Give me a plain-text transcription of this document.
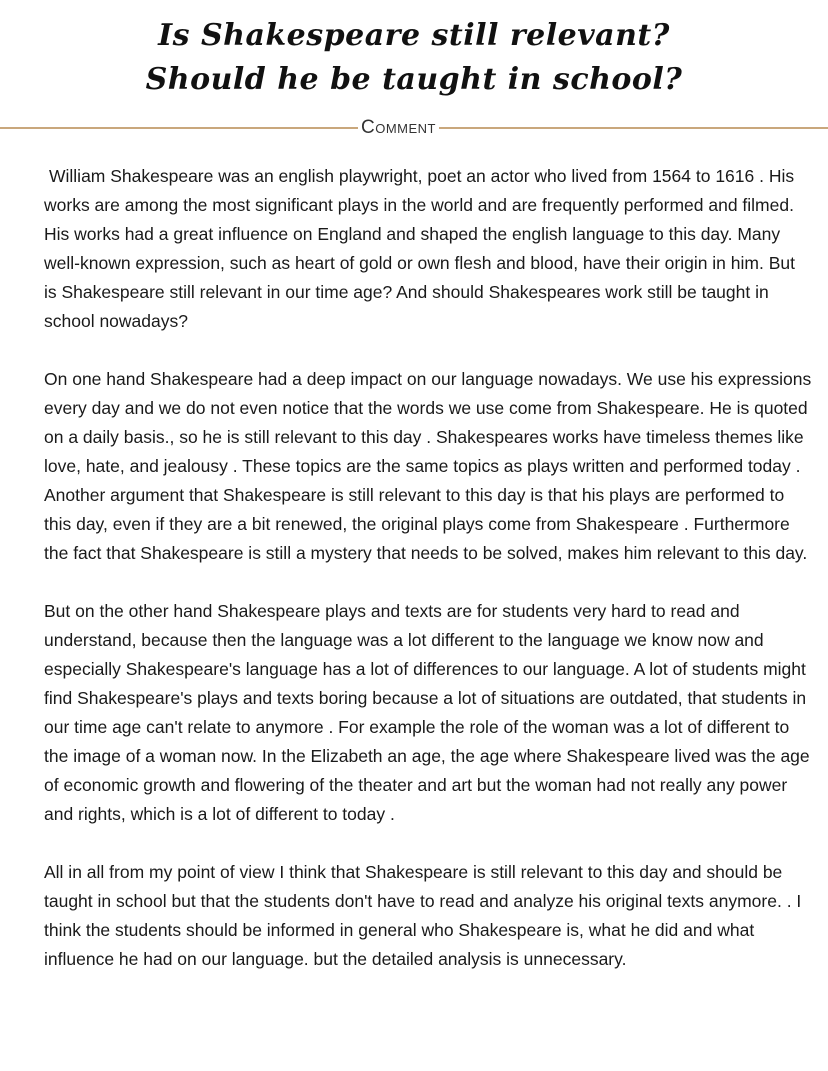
Is Shakespeare still relevant?
Should he be taught in school?
Comment

William Shakespeare was an english playwright, poet an actor who lived from 1564 to 1616 . His works are among the most significant plays in the world and are frequently performed and filmed. His works had a great influence on England and shaped the english language to this day. Many well-known expression, such as heart of gold or own flesh and blood, have their origin in him. But is Shakespeare still relevant in our time age? And should Shakespeares work still be taught in school nowadays?

On one hand Shakespeare had a deep impact on our language nowadays. We use his expressions every day and we do not even notice that the words we use come from Shakespeare. He is quoted on a daily basis., so he is still relevant to this day . Shakespeares works have timeless themes like love, hate, and jealousy . These topics are the same topics as plays written and performed today . Another argument that Shakespeare is still relevant to this day is that his plays are performed to this day, even if they are a bit renewed, the original plays come from Shakespeare . Furthermore the fact that Shakespeare is still a mystery that needs to be solved, makes him relevant to this day.

But on the other hand Shakespeare plays and texts are for students very hard to read and understand, because then the language was a lot different to the language we know now and especially Shakespeare's language has a lot of differences to our language. A lot of students might find Shakespeare's plays and texts boring because a lot of situations are outdated, that students in our time age can't relate to anymore . For example the role of the woman was a lot of different to the image of a woman now. In the Elizabeth an age, the age where Shakespeare lived was the age of economic growth and flowering of the theater and art but the woman had not really any power and rights, which is a lot of different to today .

All in all from my point of view I think that Shakespeare is still relevant to this day and should be taught in school but that the students don't have to read and analyze his original texts anymore. . I think the students should be informed in general who Shakespeare is, what he did and what influence he had on our language. but the detailed analysis is unnecessary.
